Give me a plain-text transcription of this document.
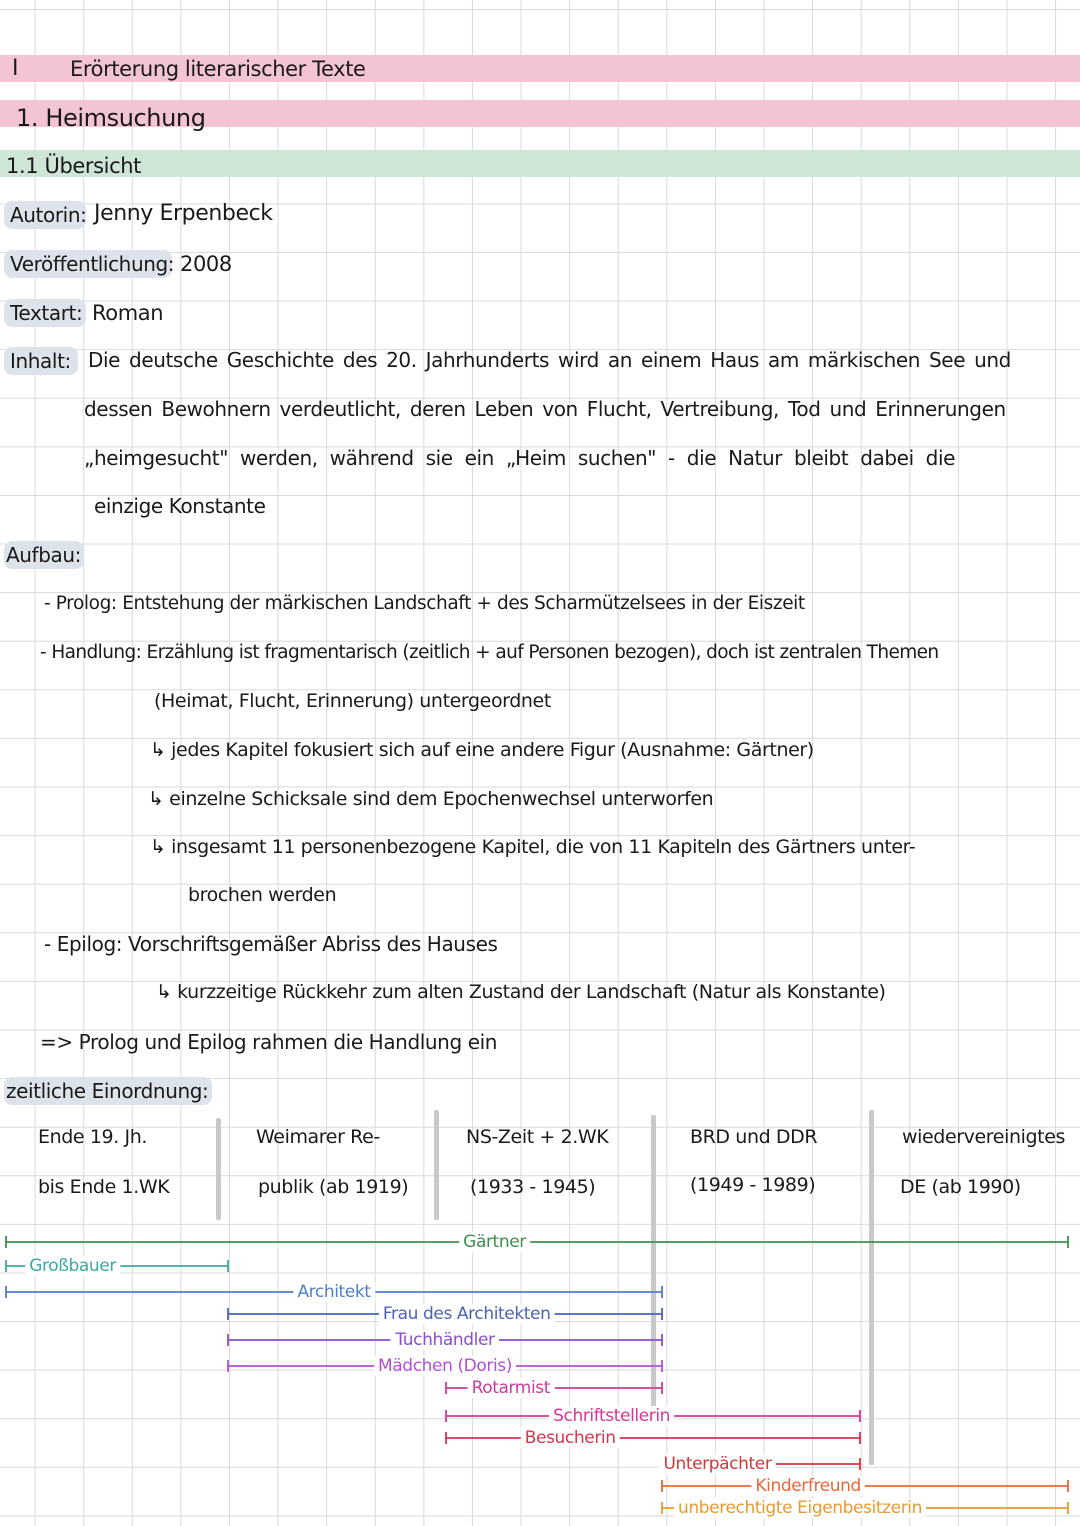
I Erörterung literarischer Texte
1. Heimsuchung
1.1 Übersicht
Autorin: Jenny Erpenbeck
Veröffentlichung: 2008
Textart: Roman
Inhalt: Die deutsche Geschichte des 20. Jahrhunderts wird an einem Haus am märkischen See und
dessen Bewohnern verdeutlicht, deren Leben von Flucht, Vertreibung, Tod und Erinnerungen
„heimgesucht" werden, während sie ein „Heim suchen" - die Natur bleibt dabei die
einzige Konstante
Aufbau:
- Prolog: Entstehung der märkischen Landschaft + des Scharmützelsees in der Eiszeit
- Handlung: Erzählung ist fragmentarisch (zeitlich + auf Personen bezogen), doch ist zentralen Themen
(Heimat, Flucht, Erinnerung) untergeordnet
↳ jedes Kapitel fokusiert sich auf eine andere Figur (Ausnahme: Gärtner)
↳ einzelne Schicksale sind dem Epochenwechsel unterworfen
↳ insgesamt 11 personenbezogene Kapitel, die von 11 Kapiteln des Gärtners unter-
brochen werden
- Epilog: Vorschriftsgemäßer Abriss des Hauses
↳ kurzzeitige Rückkehr zum alten Zustand der Landschaft (Natur als Konstante)
=> Prolog und Epilog rahmen die Handlung ein
zeitliche Einordnung:
Ende 19. Jh.
bis Ende 1.WK
Weimarer Re-
publik (ab 1919)
NS-Zeit + 2.WK
(1933 - 1945)
BRD und DDR
(1949 - 1989)
wiedervereinigtes
DE (ab 1990)
Gärtner
Großbauer
Architekt
Frau des Architekten
Tuchhändler
Mädchen (Doris)
Rotarmist
Schriftstellerin
Besucherin
Unterpächter
Kinderfreund
unberechtigte Eigenbesitzerin
